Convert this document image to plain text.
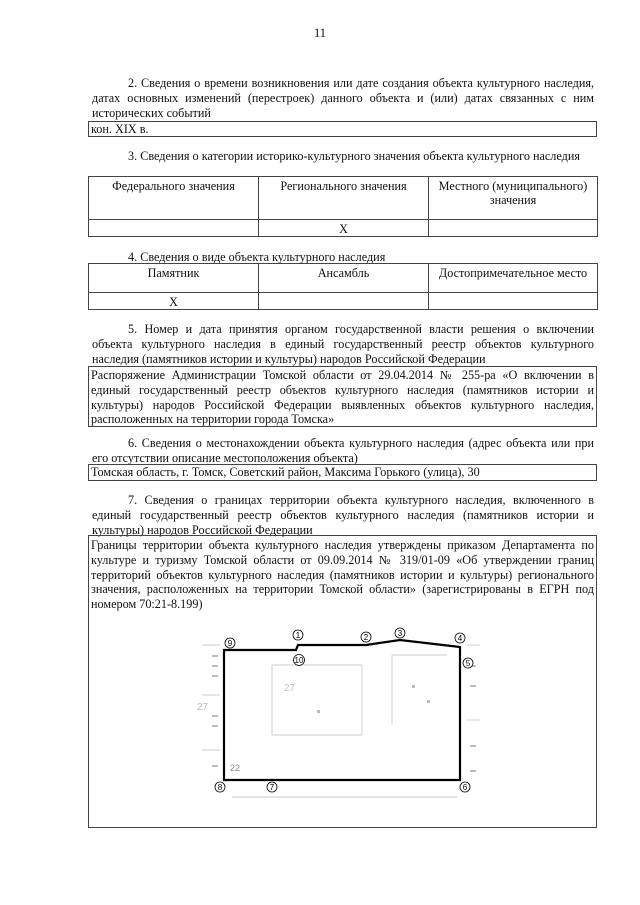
11
2. Сведения о времени возникновения или дате создания объекта культурного наследия, датах основных изменений (перестроек) данного объекта и (или) датах связанных с ним исторических событий
кон. XIX в.
3. Сведения о категории историко-культурного значения объекта культурного наследия
Федерального значения	Регионального значения	Местного (муниципального) значения
	X	
4. Сведения о виде объекта культурного наследия
Памятник	Ансамбль	Достопримечательное место
X		
5. Номер и дата принятия органом государственной власти решения о включении объекта культурного наследия в единый государственный реестр объектов культурного наследия (памятников истории и культуры) народов Российской Федерации
Распоряжение Администрации Томской области от 29.04.2014 № 255-ра «О включении в единый государственный реестр объектов культурного наследия (памятников истории и культуры) народов Российской Федерации выявленных объектов культурного наследия, расположенных на территории города Томска»
6. Сведения о местонахождении объекта культурного наследия (адрес объекта или при его отсутствии описание местоположения объекта)
Томская область, г. Томск, Советский район, Максима Горького (улица), 30
7. Сведения о границах территории объекта культурного наследия, включенного в единый государственный реестр объектов культурного наследия (памятников истории и культуры) народов Российской Федерации
Границы территории объекта культурного наследия утверждены приказом Департамента по культуре и туризму Томской области от 09.09.2014 № 319/01-09 «Об утверждении границ территорий объектов культурного наследия (памятников истории и культуры) регионального значения, расположенных на территории Томской области» (зарегистрированы в ЕГРН под номером 70:21-8.199)
27
27
22
1	2	3
4
5
6
7
8
9
10
